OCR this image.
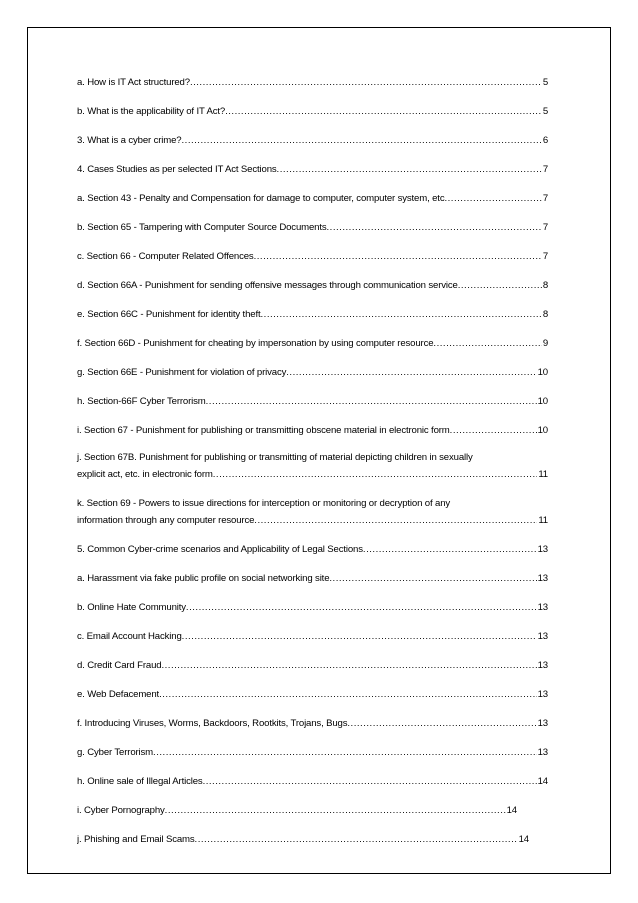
a. How is IT Act structured? .....	5
b. What is the applicability of IT Act? .....	5
3. What is a cyber crime? .....	6
4. Cases Studies as per selected IT Act Sections .....	7
a. Section 43 - Penalty and Compensation for damage to computer, computer system, etc .....	7
b. Section 65 - Tampering with Computer Source Documents .....	7
c. Section 66 - Computer Related Offences .....	7
d. Section 66A - Punishment for sending offensive messages through communication service .....	8
e. Section 66C - Punishment for identity theft .....	8
f. Section 66D - Punishment for cheating by impersonation by using computer resource .....	9
g. Section 66E - Punishment for violation of privacy .....	10
h. Section-66F Cyber Terrorism .....	10
i. Section 67 - Punishment for publishing or transmitting obscene material in electronic form .....	10
j. Section 67B. Punishment for publishing or transmitting of material depicting children in sexually
explicit act, etc. in electronic form .....	11
k. Section 69 - Powers to issue directions for interception or monitoring or decryption of any
information through any computer resource .....	11
5. Common Cyber-crime scenarios and Applicability of Legal Sections .....	13
a. Harassment via fake public profile on social networking site .....	13
b. Online Hate Community .....	13
c. Email Account Hacking .....	13
d. Credit Card Fraud .....	13
e. Web Defacement .....	13
f. Introducing Viruses, Worms, Backdoors, Rootkits, Trojans, Bugs .....	13
g. Cyber Terrorism .....	13
h. Online sale of Illegal Articles .....	14
i. Cyber Pornography .....	14
j. Phishing and Email Scams .....	14
